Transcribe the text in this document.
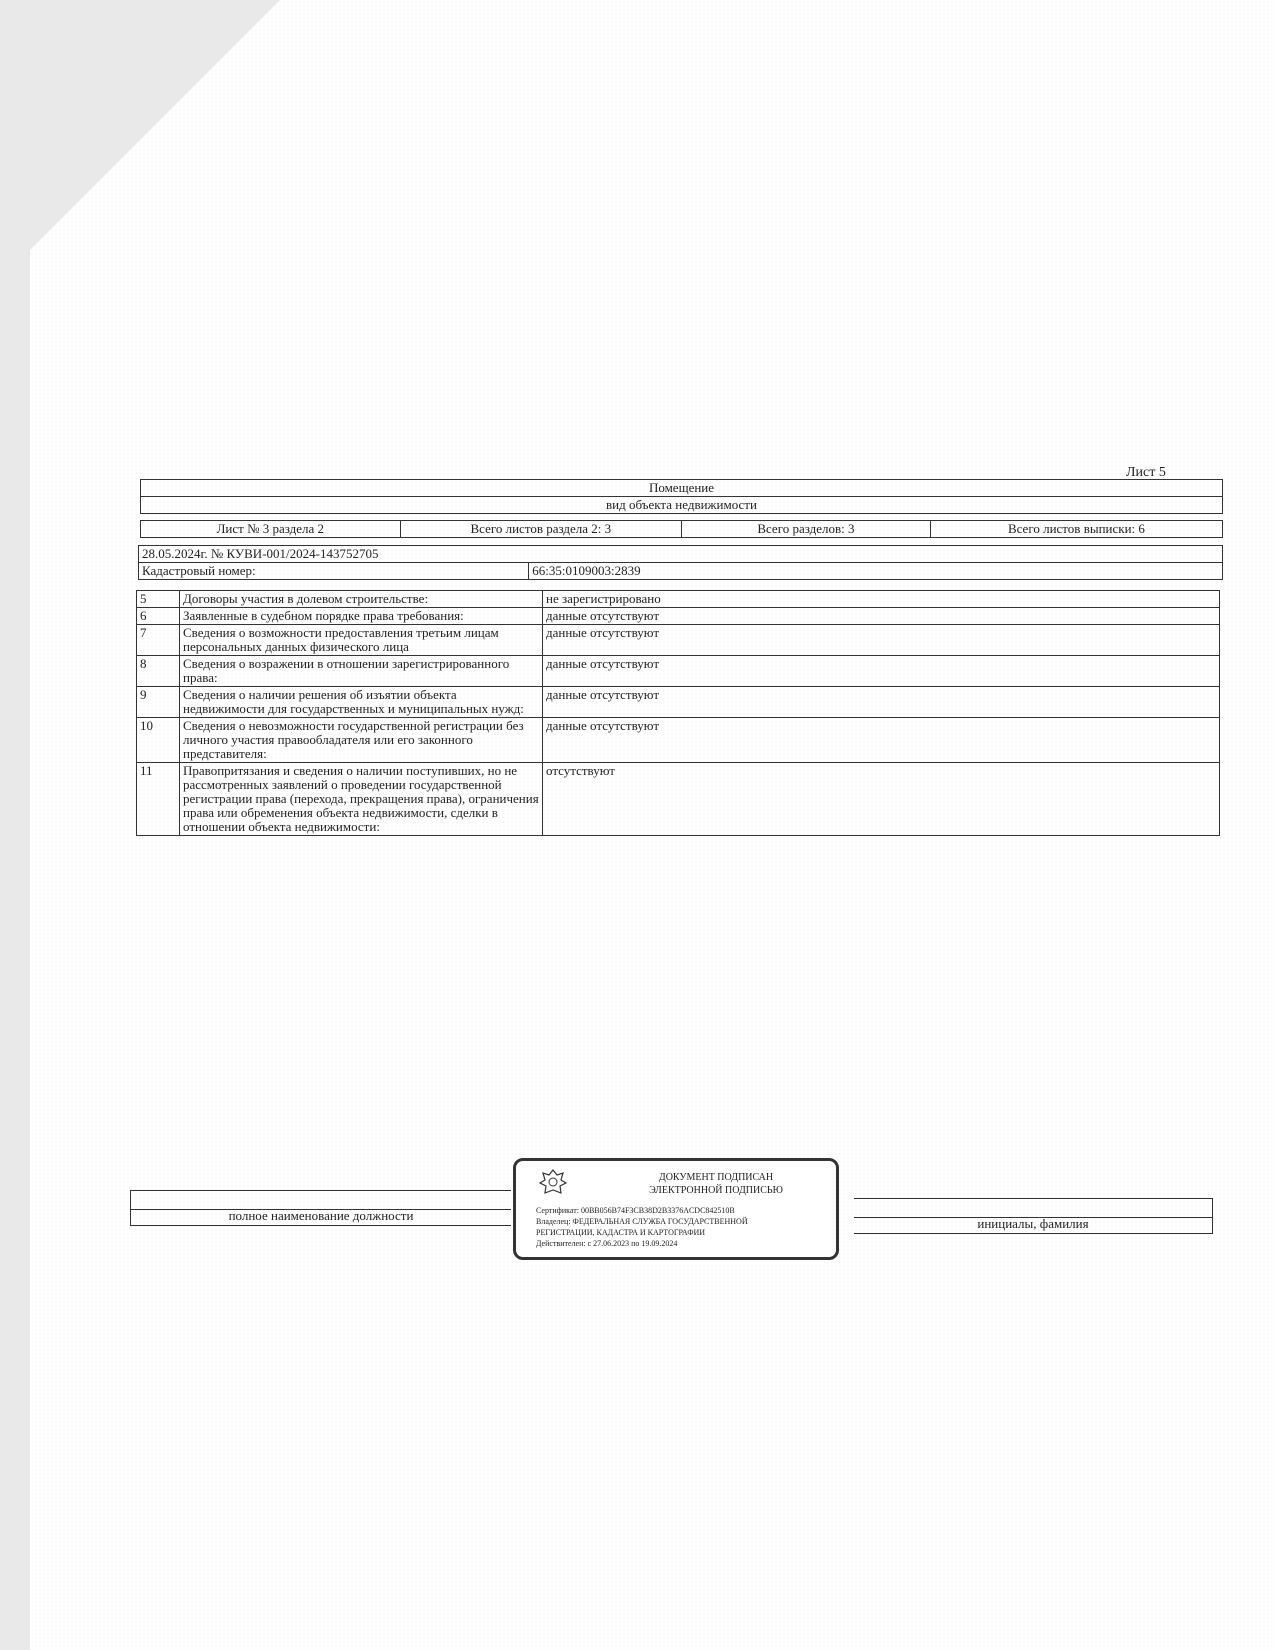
Лист 5
Помещение
вид объекта недвижимости
Лист № 3 раздела 2	Всего листов раздела 2: 3	Всего разделов: 3	Всего листов выписки: 6
28.05.2024г. № КУВИ-001/2024-143752705
Кадастровый номер:	66:35:0109003:2839
5	Договоры участия в долевом строительстве:	не зарегистрировано
6	Заявленные в судебном порядке права требования:	данные отсутствуют
7	Сведения о возможности предоставления третьим лицам персональных данных физического лица	данные отсутствуют
8	Сведения о возражении в отношении зарегистрированного права:	данные отсутствуют
9	Сведения о наличии решения об изъятии объекта недвижимости для государственных и муниципальных нужд:	данные отсутствуют
10	Сведения о невозможности государственной регистрации без личного участия правообладателя или его законного представителя:	данные отсутствуют
11	Правопритязания и сведения о наличии поступивших, но не рассмотренных заявлений о проведении государственной регистрации права (перехода, прекращения права), ограничения права или обременения объекта недвижимости, сделки в отношении объекта недвижимости:	отсутствуют
полное наименование должности
ДОКУМЕНТ ПОДПИСАН
ЭЛЕКТРОННОЙ ПОДПИСЬЮ
Сертификат: 00BB056B74F3CB38D2B3376ACDC842510B
Владелец: ФЕДЕРАЛЬНАЯ СЛУЖБА ГОСУДАРСТВЕННОЙ
РЕГИСТРАЦИИ, КАДАСТРА И КАРТОГРАФИИ
Действителен: с 27.06.2023 по 19.09.2024
инициалы, фамилия
